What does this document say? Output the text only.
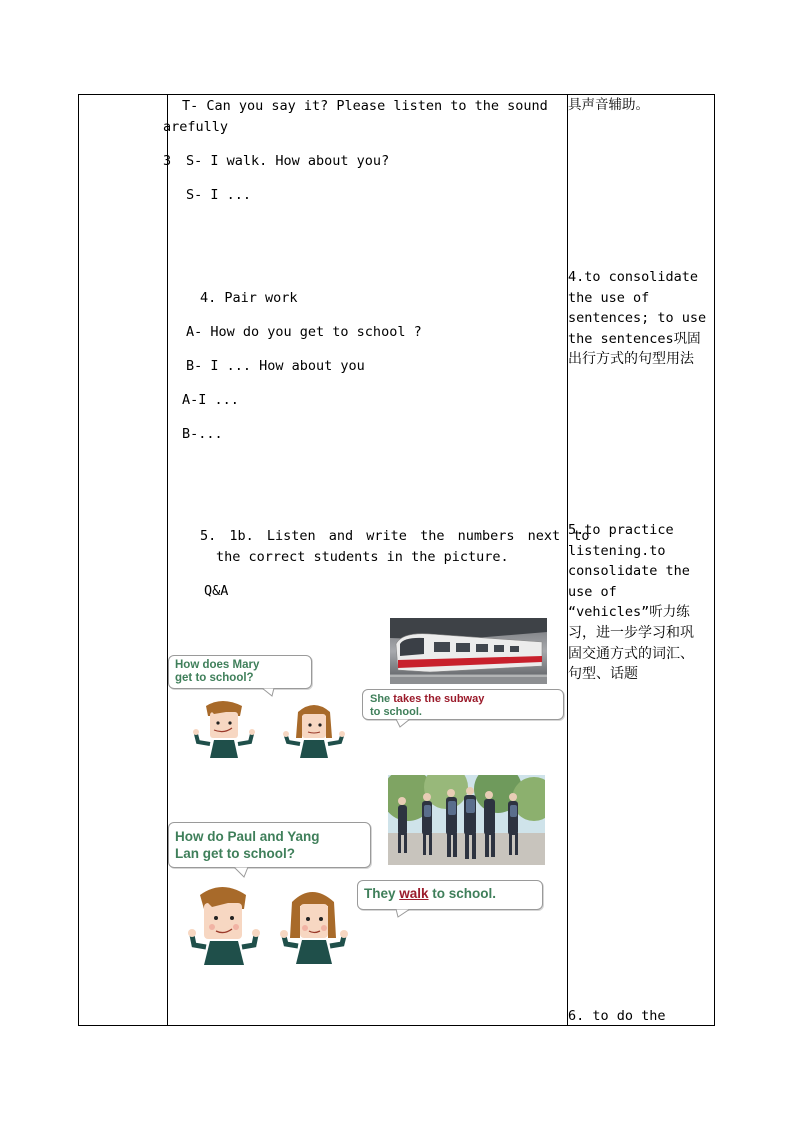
T- Can you say it? Please listen to the sound
arefully
3 S- I walk. How about you?
S- I ...
4. Pair work
A- How do you get to school ?
B- I ... How about you
A-I ...
B-...
5. 1b. Listen and write the numbers next to
the correct students in the picture.
Q&A
How does Mary
get to school?
She takes the subway
to school.
How do Paul and Yang
Lan get to school?
They walk to school.
具声音辅助。
4.to consolidate
the use of
sentences; to use
the sentences巩固
出行方式的句型用法
5.to practice
listening.to
consolidate the
use of
“vehicles”听力练
习，进一步学习和巩
固交通方式的词汇、
句型、话题
6. to do the
